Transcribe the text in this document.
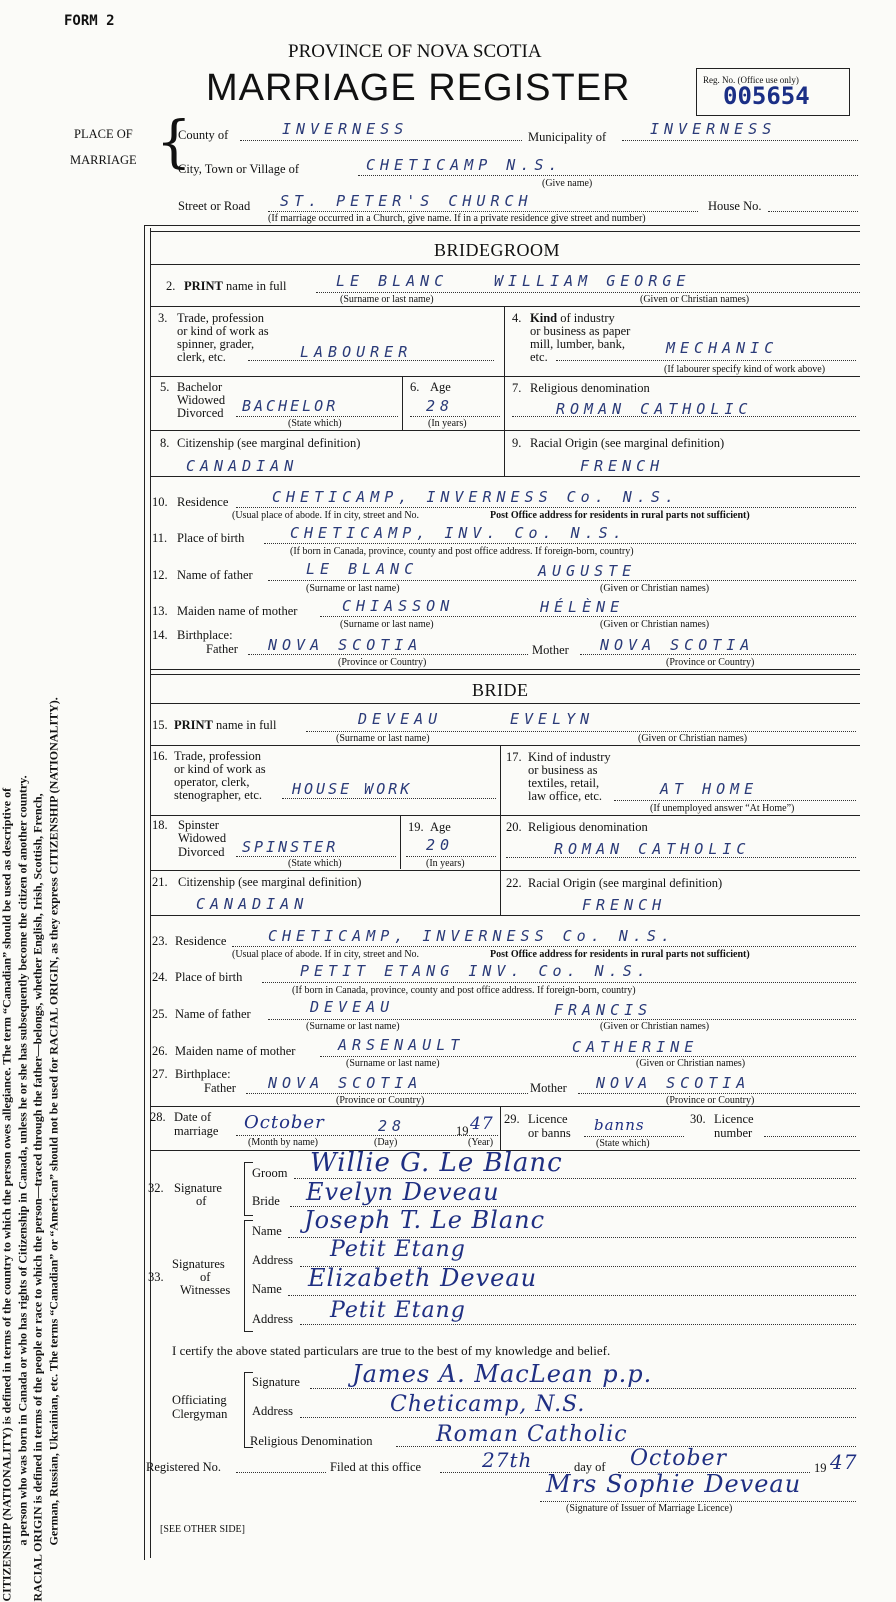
FORM 2
PROVINCE OF NOVA SCOTIA
MARRIAGE REGISTER	Reg. No. (Office use only)
005654
PLACE OF
MARRIAGE {
County of	INVERNESS	Municipality of	INVERNESS
City, Town or Village of	CHETICAMP N.S.
(Give name)
Street or Road ST. PETER'S CHURCH	House No.
(If marriage occurred in a Church, give name. If in a private residence give street and number)
CITIZENSHIP (NATIONALITY) is defined in terms of the country to which the person owes allegiance. The term “Canadian” should be used as descriptive of a person who was born in Canada or who has rights of Citizenship in Canada, unless he or she has subsequently become the citizen of another country. RACIAL ORIGIN is defined in terms of the people or race to which the person—traced through the father—belongs, whether English, Irish, Scottish, French, German, Russian, Ukrainian, etc. The terms “Canadian” or “American” should not be used for RACIAL ORIGIN, as they express CITIZENSHIP (NATIONALITY).
BRIDEGROOM
2. PRINT name in full	LE BLANC	WILLIAM GEORGE
(Surname or last name)	(Given or Christian names)
3. Trade, profession
or kind of work as
spinner, grader,
clerk, etc.	LABOURER
4. Kind of industry
or business as paper
mill, lumber, bank,
etc.	MECHANIC
(If labourer specify kind of work above)
5. Bachelor
Widowed
Divorced BACHELOR
(State which)
6. Age
28
(In years)
7. Religious denomination
ROMAN CATHOLIC
8. Citizenship (see marginal definition)
CANADIAN
9. Racial Origin (see marginal definition)
FRENCH
10. Residence	CHETICAMP, INVERNESS Co. N.S.
(Usual place of abode. If in city, street and No.	Post Office address for residents in rural parts not sufficient)
11. Place of birth	CHETICAMP, INV. Co. N.S.
(If born in Canada, province, county and post office address. If foreign-born, country)
12. Name of father	LE BLANC	AUGUSTE
(Surname or last name)	(Given or Christian names)
13. Maiden name of mother	CHIASSON	HÉLÈNE
(Surname or last name)	(Given or Christian names)
14. Birthplace:
Father NOVA SCOTIA	Mother NOVA SCOTIA
(Province or Country)	(Province or Country)
BRIDE
15. PRINT name in full	DEVEAU	EVELYN
(Surname or last name)	(Given or Christian names)
16. Trade, profession
or kind of work as
operator, clerk,
stenographer, etc. HOUSE WORK
17. Kind of industry
or business as
textiles, retail,
law office, etc.	AT HOME
(If unemployed answer “At Home”)
18. Spinster
Widowed
Divorced SPINSTER
(State which)
19. Age
20
(In years)
20. Religious denomination
ROMAN CATHOLIC
21. Citizenship (see marginal definition)
CANADIAN
22. Racial Origin (see marginal definition)
FRENCH
23. Residence	CHETICAMP, INVERNESS Co. N.S.
(Usual place of abode. If in city, street and No.	Post Office address for residents in rural parts not sufficient)
24. Place of birth	PETIT ETANG INV. Co. N.S.
(If born in Canada, province, county and post office address. If foreign-born, country)
25. Name of father	DEVEAU	FRANCIS
(Surname or last name)	(Given or Christian names)
26. Maiden name of mother	ARSENAULT	CATHERINE
(Surname or last name)	(Given or Christian names)
27. Birthplace:
Father NOVA SCOTIA	Mother NOVA SCOTIA
(Province or Country)	(Province or Country)
28. Date of
marriage October	28	19 47
(Month by name)	(Day)	(Year)
29. Licence
or banns banns
(State which)
30. Licence
number
32. Signature
of
Groom Willie G. Le Blanc
Bride Evelyn Deveau
33.
Signatures
of
Witnesses
Name Joseph T. Le Blanc
Address Petit Etang
Name Elizabeth Deveau
Address Petit Etang
I certify the above stated particulars are true to the best of my knowledge and belief.
Officiating
Clergyman
Signature James A. MacLean p.p.
Address	Cheticamp, N.S.
Religious Denomination	Roman Catholic
Registered No.	Filed at this office	27th	day of October	19 47
Mrs Sophie Deveau
(Signature of Issuer of Marriage Licence)
[SEE OTHER SIDE]
